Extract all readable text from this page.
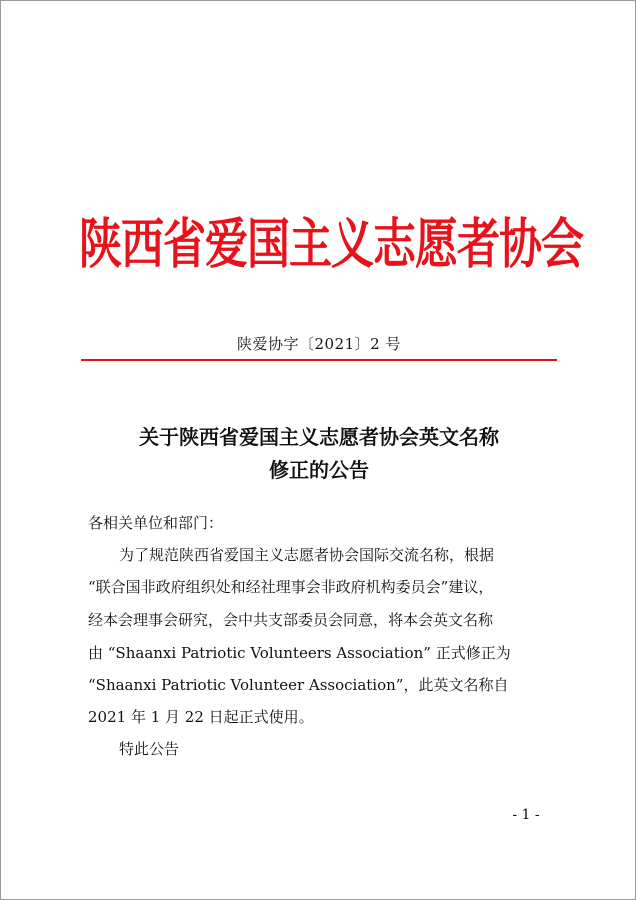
陕西省爱国主义志愿者协会
陕爱协字〔2021〕2 号
关于陕西省爱国主义志愿者协会英文名称
修正的公告
各相关单位和部门：
为了规范陕西省爱国主义志愿者协会国际交流名称，根据
“联合国非政府组织处和经社理事会非政府机构委员会”建议，
经本会理事会研究，会中共支部委员会同意，将本会英文名称
由 “Shaanxi Patriotic Volunteers Association” 正式修正为
“Shaanxi Patriotic Volunteer Association”，此英文名称自
2021 年 1 月 22 日起正式使用。
特此公告
- 1 -
